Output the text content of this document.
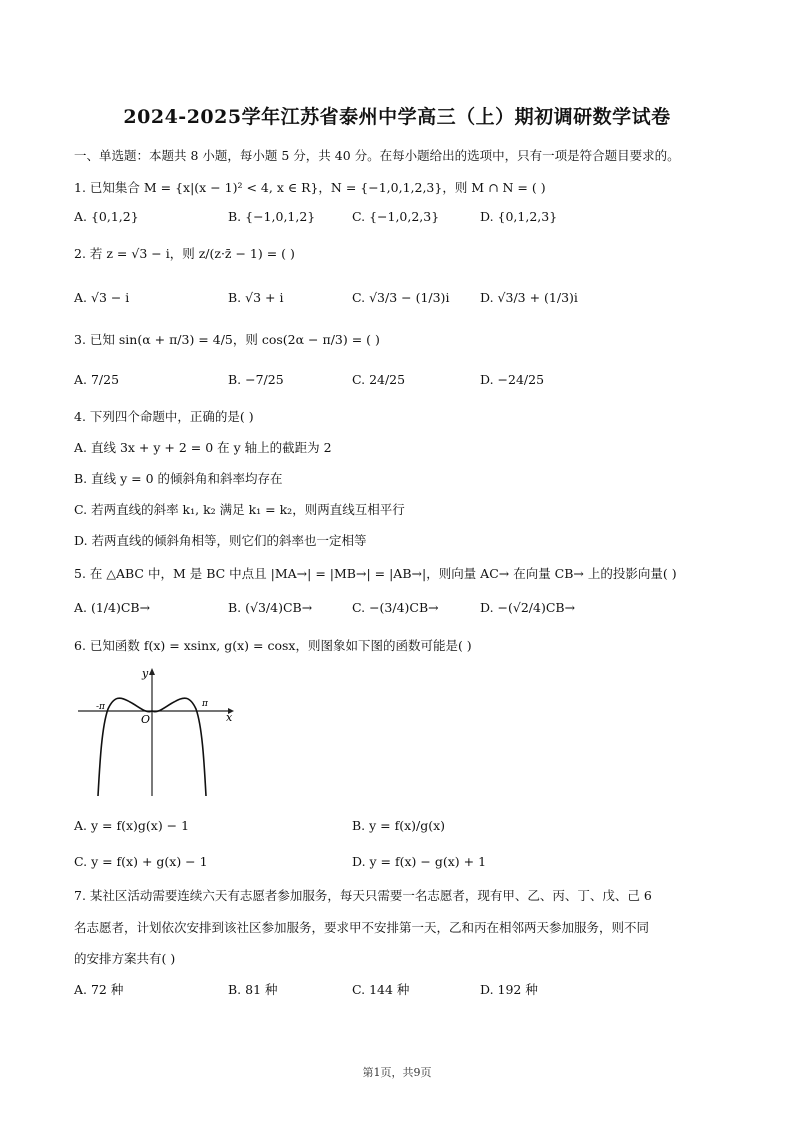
2024-2025学年江苏省泰州中学高三（上）期初调研数学试卷
一、单选题：本题共 8 小题，每小题 5 分，共 40 分。在每小题给出的选项中，只有一项是符合题目要求的。
1. 已知集合 M = {x|(x − 1)² < 4, x ∈ R}，N = {−1,0,1,2,3}，则 M ∩ N = ( )
A. {0,1,2}	B. {−1,0,1,2}	C. {−1,0,2,3}	D. {0,1,2,3}
2. 若 z = √3 − i，则 z/(z·z̄ − 1) = ( )
A. √3 − i	B. √3 + i	C. √3/3 − (1/3)i D. √3/3 + (1/3)i
3. 已知 sin(α + π/3) = 4/5，则 cos(2α − π/3) = ( )
A. 7/25	B. −7/25	C. 24/25	D. −24/25
4. 下列四个命题中，正确的是( )
A. 直线 3x + y + 2 = 0 在 y 轴上的截距为 2
B. 直线 y = 0 的倾斜角和斜率均存在
C. 若两直线的斜率 k₁, k₂ 满足 k₁ = k₂，则两直线互相平行
D. 若两直线的倾斜角相等，则它们的斜率也一定相等
5. 在 △ABC 中，M 是 BC 中点且 |MA→| = |MB→| = |AB→|，则向量 AC→ 在向量 CB→ 上的投影向量( )
A. (1/4)CB→	B. (√3/4)CB→	C. −(3/4)CB→	D. −(√2/4)CB→
6. 已知函数 f(x) = xsinx, g(x) = cosx，则图象如下图的函数可能是( )
y
x
O
-π	π
A. y = f(x)g(x) − 1	B. y = f(x)/g(x)
C. y = f(x) + g(x) − 1	D. y = f(x) − g(x) + 1
7. 某社区活动需要连续六天有志愿者参加服务，每天只需要一名志愿者，现有甲、乙、丙、丁、戊、己 6
名志愿者，计划依次安排到该社区参加服务，要求甲不安排第一天，乙和丙在相邻两天参加服务，则不同
的安排方案共有( )
A. 72 种	B. 81 种	C. 144 种	D. 192 种
第1页，共9页
